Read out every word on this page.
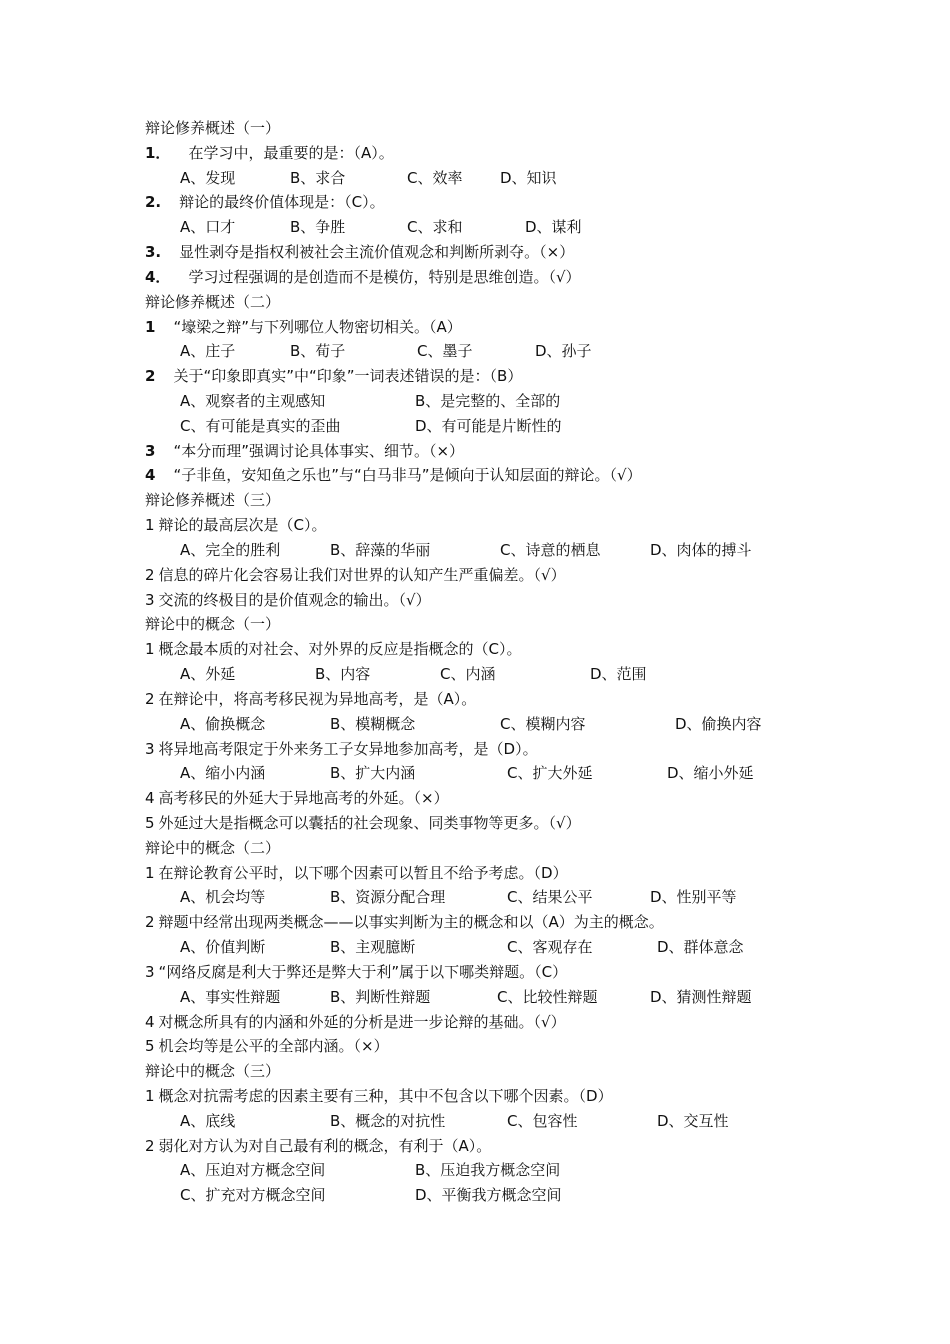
辩论修养概述（一）
1． 在学习中，最重要的是：（A）。
A、发现	B、求合	C、效率	D、知识
2. 辩论的最终价值体现是：（C）。
A、口才	B、争胜	C、求和	D、谋利
3. 显性剥夺是指权利被社会主流价值观念和判断所剥夺。（×）
4． 学习过程强调的是创造而不是模仿，特别是思维创造。（√）
辩论修养概述（二）
1 “壕梁之辩”与下列哪位人物密切相关。（A）
A、庄子	B、荀子	C、墨子	D、孙子
2 关于“印象即真实”中“印象”一词表述错误的是：（B）
A、观察者的主观感知	B、是完整的、全部的
C、有可能是真实的歪曲	D、有可能是片断性的
3 “本分而理”强调讨论具体事实、细节。（×）
4 “子非鱼，安知鱼之乐也”与“白马非马”是倾向于认知层面的辩论。（√）
辩论修养概述（三）
1 辩论的最高层次是（C）。
A、完全的胜利	B、辞藻的华丽	C、诗意的栖息	D、肉体的搏斗
2 信息的碎片化会容易让我们对世界的认知产生严重偏差。（√）
3 交流的终极目的是价值观念的输出。（√）
辩论中的概念（一）
1 概念最本质的对社会、对外界的反应是指概念的（C）。
A、外延	B、内容	C、内涵	D、范围
2 在辩论中，将高考移民视为异地高考，是（A）。
A、偷换概念	B、模糊概念	C、模糊内容	D、偷换内容
3 将异地高考限定于外来务工子女异地参加高考，是（D）。
A、缩小内涵	B、扩大内涵	C、扩大外延	D、缩小外延
4 高考移民的外延大于异地高考的外延。（×）
5 外延过大是指概念可以囊括的社会现象、同类事物等更多。（√）
辩论中的概念（二）
1 在辩论教育公平时，以下哪个因素可以暂且不给予考虑。（D）
A、机会均等	B、资源分配合理	C、结果公平	D、性别平等
2 辩题中经常出现两类概念——以事实判断为主的概念和以（A）为主的概念。
A、价值判断	B、主观臆断	C、客观存在	D、群体意念
3 “网络反腐是利大于弊还是弊大于利”属于以下哪类辩题。（C）
A、事实性辩题	B、判断性辩题	C、比较性辩题	D、猜测性辩题
4 对概念所具有的内涵和外延的分析是进一步论辩的基础。（√）
5 机会均等是公平的全部内涵。（×）
辩论中的概念（三）
1 概念对抗需考虑的因素主要有三种，其中不包含以下哪个因素。（D）
A、底线	B、概念的对抗性	C、包容性	D、交互性
2 弱化对方认为对自己最有利的概念，有利于（A）。
A、压迫对方概念空间	B、压迫我方概念空间
C、扩充对方概念空间	D、平衡我方概念空间
